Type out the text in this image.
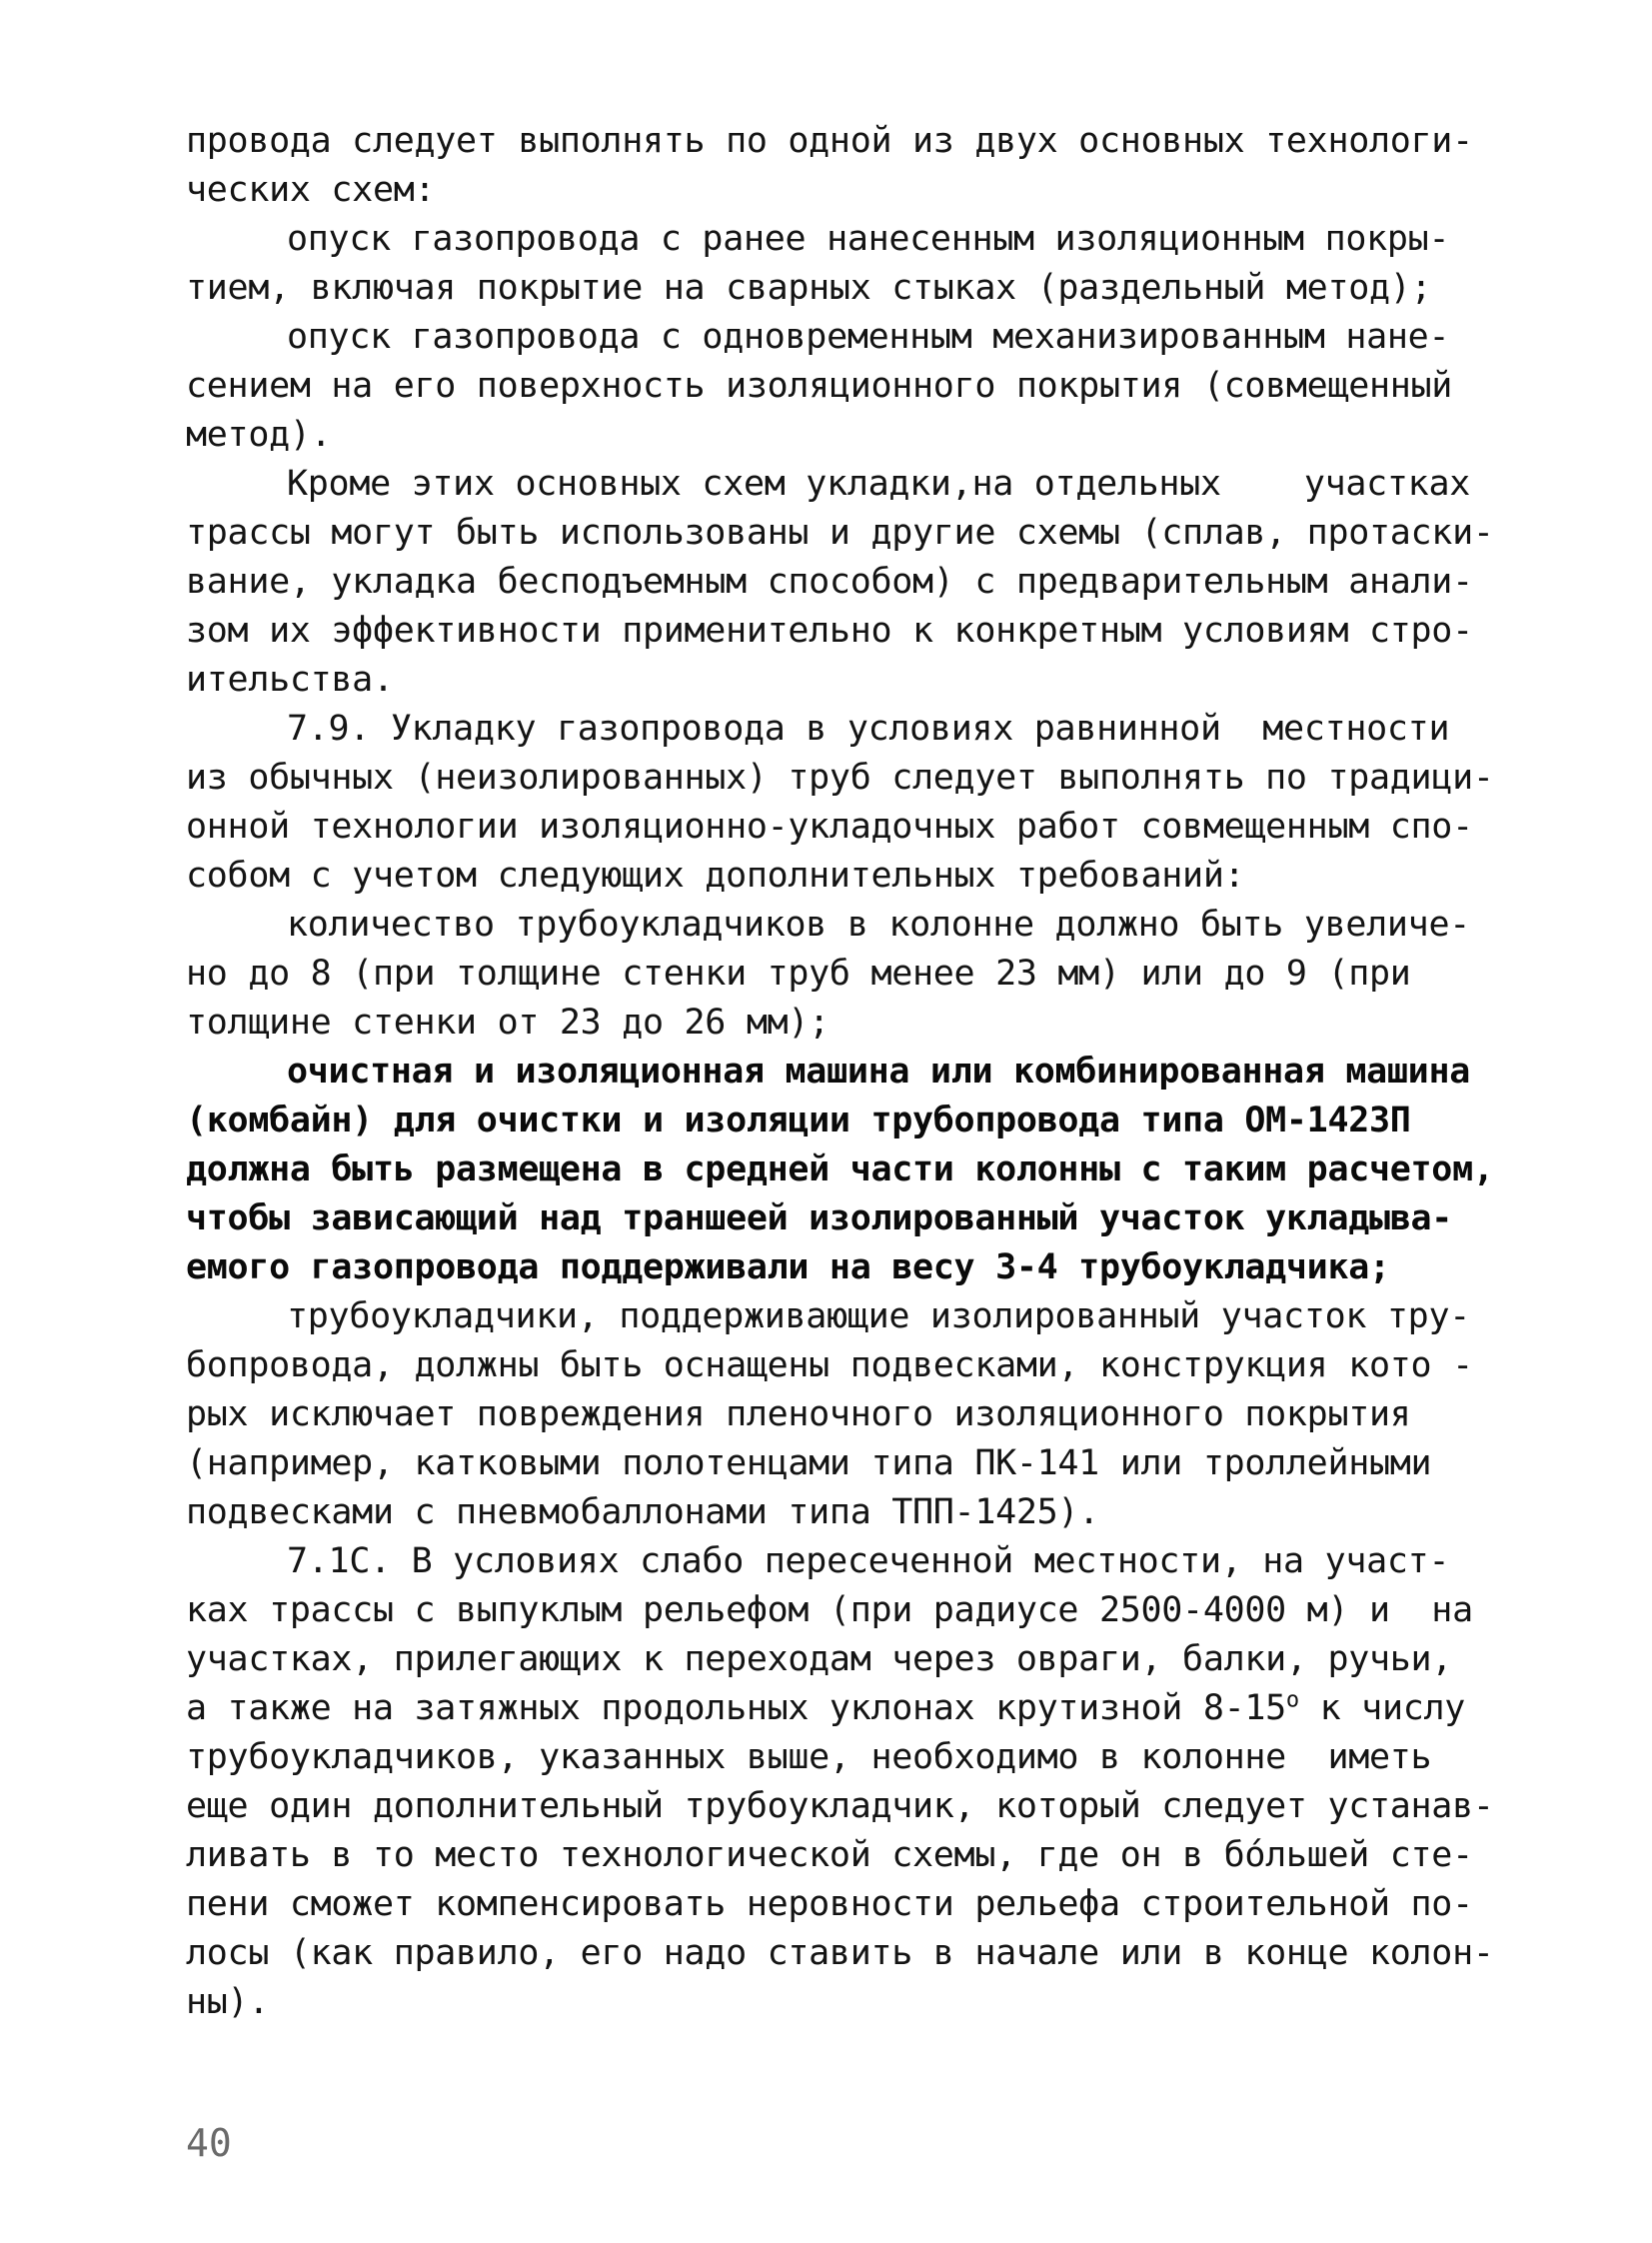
провода следует выполнять по одной из двух основных технологи-
ческих схем:
опуск газопровода с ранее нанесенным изоляционным покры-
тием, включая покрытие на сварных стыках (раздельный метод);
опуск газопровода с одновременным механизированным нане-
сением на его поверхность изоляционного покрытия (совмещенный
метод).
Кроме этих основных схем укладки,на отдельных    участках
трассы могут быть использованы и другие схемы (сплав, протаски-
вание, укладка беcподъемным способом) с предварительным анали-
зом их эффективности применительно к конкретным условиям стро-
ительства.
7.9. Укладку газопровода в условиях равнинной  местности
из обычных (неизолированных) труб следует выполнять по традици-
онной технологии изоляционно-укладочных работ совмещенным спо-
собом с учетом следующих дополнительных требований:
количество трубоукладчиков в колонне должно быть увеличе-
но до 8 (при толщине стенки труб менее 23 мм) или до 9 (при
толщине стенки от 23 до 26 мм);
очистная и изоляционная машина или комбинированная машина
(комбайн) для очистки и изоляции трубопровода типа ОМ-1423П
должна быть размещена в средней части колонны с таким расчетом,
чтобы зависающий над траншеей изолированный участок укладыва-
емого газопровода поддерживали на весу 3-4 трубоукладчика;
трубоукладчики, поддерживающие изолированный участок тру-
бопровода, должны быть оснащены подвесками, конструкция кото -
рых исключает повреждения пленочного изоляционного покрытия
(например, катковыми полотенцами типа ПК-141 или троллейными
подвесками с пневмобаллонами типа ТПП-1425).
7.1С. В условиях слабо пересеченной местности, на участ-
ках трассы с выпуклым рельефом (при радиусе 2500-4000 м) и  на
участках, прилегающих к переходам через овраги, балки, ручьи,
а также на затяжных продольных уклонах крутизной $8-15^о$ к числу
трубоукладчиков, указанных выше, необходимо в колонне  иметь
еще один дополнительный трубоукладчик, который следует устанав-
ливать в то место технологической схемы, где он в бóльшей сте-
пени сможет компенсировать неровности рельефа строительной по-
лосы (как правило, его надо ставить в начале или в конце колон-
ны).
40
